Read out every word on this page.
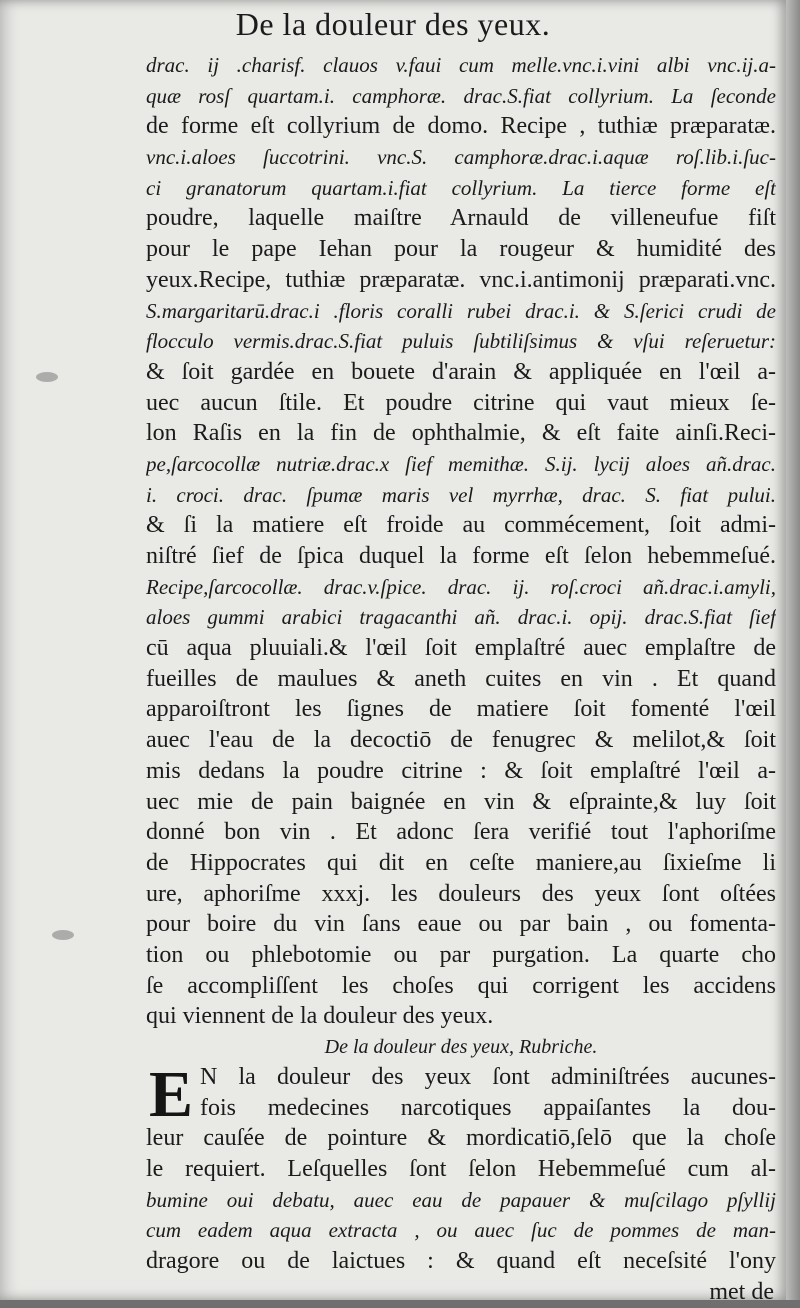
De la douleur des yeux.
drac. ij .charisf. clauos v.faui cum melle.vnc.i.vini albi vnc.ij.a-
quæ rosſ quartam.i. camphoræ. drac.S.fiat collyrium. La ſeconde
de forme eſt collyrium de domo. Recipe , tuthiæ præparatæ.
vnc.i.aloes ſuccotrini. vnc.S. camphoræ.drac.i.aquæ roſ.lib.i.ſuc-
ci granatorum quartam.i.fiat collyrium. La tierce forme eſt
poudre, laquelle maiſtre Arnauld de villeneufue fiſt
pour le pape Iehan pour la rougeur & humidité des
yeux.Recipe, tuthiæ præparatæ. vnc.i.antimonij præparati.vnc.
S.margaritarū.drac.i .floris coralli rubei drac.i. & S.ſerici crudi de
flocculo vermis.drac.S.fiat puluis ſubtiliſsimus & vſui reſeruetur:
& ſoit gardée en bouete d'arain & appliquée en l'œil a-
uec aucun ſtile. Et poudre citrine qui vaut mieux ſe-
lon Raſis en la fin de ophthalmie, & eſt faite ainſi.Reci-
pe,ſarcocollæ nutriæ.drac.x ſief memithæ. S.ij. lycij aloes añ.drac.
i. croci. drac. ſpumæ maris vel myrrhæ, drac. S. fiat pului.
& ſi la matiere eſt froide au commécement, ſoit admi-
niſtré ſief de ſpica duquel la forme eſt ſelon hebemmeſué.
Recipe,ſarcocollæ. drac.v.ſpice. drac. ij. roſ.croci añ.drac.i.amyli,
aloes gummi arabici tragacanthi añ. drac.i. opij. drac.S.fiat ſief
cū aqua pluuiali.& l'œil ſoit emplaſtré auec emplaſtre de
fueilles de maulues & aneth cuites en vin . Et quand
apparoiſtront les ſignes de matiere ſoit fomenté l'œil
auec l'eau de la decoctiō de fenugrec & melilot,& ſoit
mis dedans la poudre citrine : & ſoit emplaſtré l'œil a-
uec mie de pain baignée en vin & eſprainte,& luy ſoit
donné bon vin . Et adonc ſera verifié tout l'aphoriſme
de Hippocrates qui dit en ceſte maniere,au ſixieſme li
ure, aphoriſme xxxj. les douleurs des yeux ſont oſtées
pour boire du vin ſans eaue ou par bain , ou fomenta-
tion ou phlebotomie ou par purgation. La quarte cho
ſe accompliſſent les choſes qui corrigent les accidens
qui viennent de la douleur des yeux.
De la douleur des yeux, Rubriche.
E N la douleur des yeux ſont adminiſtrées aucunes-
fois medecines narcotiques appaiſantes la dou-
leur cauſée de pointure & mordicatiō,ſelō que la choſe
le requiert. Leſquelles ſont ſelon Hebemmeſué cum al-
bumine oui debatu, auec eau de papauer & muſcilago pſyllij
cum eadem aqua extracta , ou auec ſuc de pommes de man-
dragore ou de laictues : & quand eſt neceſsité l'ony
met de
